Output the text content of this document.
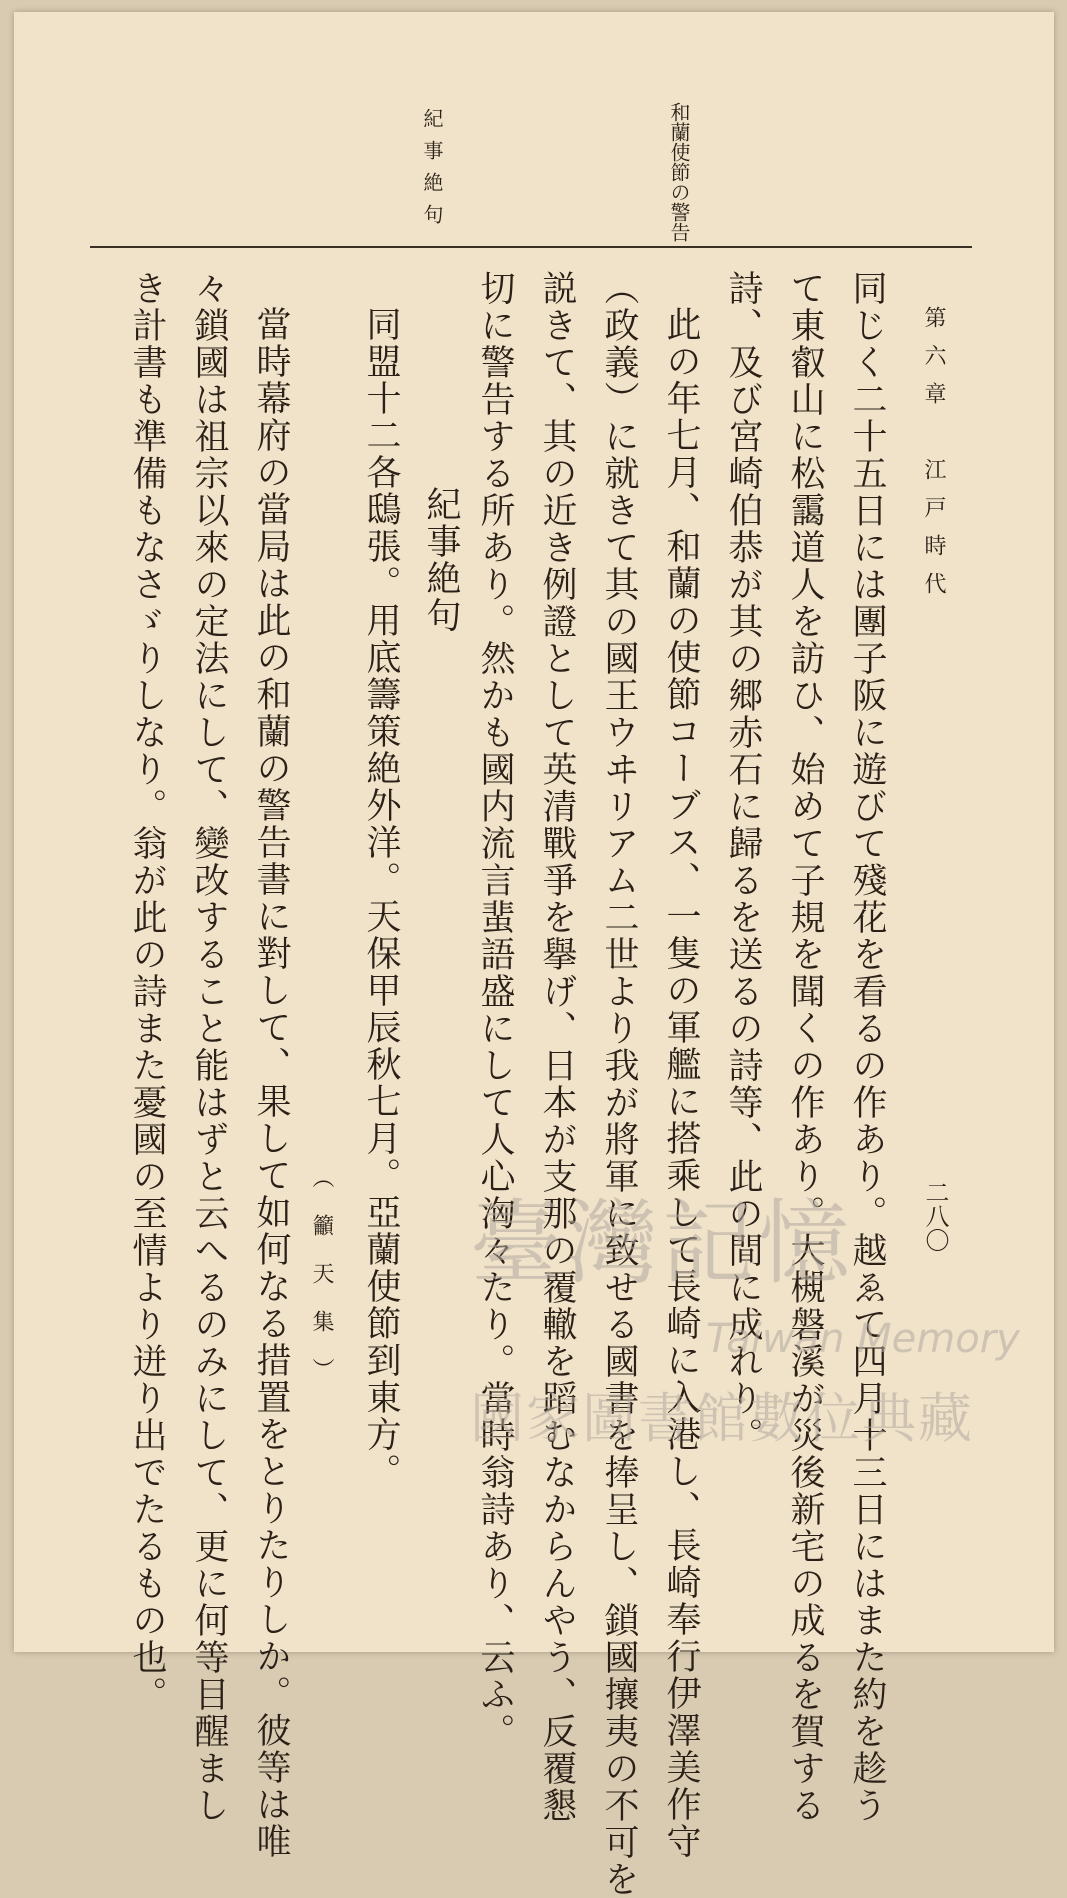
第六章　江戸時代
二八〇
和蘭使節の警告
紀事絶句
同じく二十五日には團子阪に遊びて殘花を看るの作あり。越ゑて四月十三日にはまた約を趁う
て東叡山に松靄道人を訪ひ、始めて子規を聞くの作あり。大槻磐溪が災後新宅の成るを賀する
詩、及び宮崎伯恭が其の郷赤石に歸るを送るの詩等、此の間に成れり。
此の年七月、和蘭の使節コーブス、一隻の軍艦に搭乘して長崎に入港し、長崎奉行伊澤美作守
（政義）に就きて其の國王ウヰリアム二世より我が將軍に致せる國書を捧呈し、鎖國攘夷の不可を
説きて、其の近き例證として英清戰爭を擧げ、日本が支那の覆轍を蹈むなからんやう、反覆懇
切に警告する所あり。然かも國内流言蜚語盛にして人心洶々たり。當時翁詩あり、云ふ。
紀事絶句
同盟十二各鴟張。用底籌策絶外洋。天保甲辰秋七月。亞蘭使節到東方。
（籲天集）
當時幕府の當局は此の和蘭の警告書に對して、果して如何なる措置をとりたりしか。彼等は唯
々鎖國は祖宗以來の定法にして、變改すること能はずと云へるのみにして、更に何等目醒まし
き計書も準備もなさゞりしなり。翁が此の詩また憂國の至情より迸り出でたるもの也。	臺灣記憶
Taiwan Memory
國家圖書館數位典藏
